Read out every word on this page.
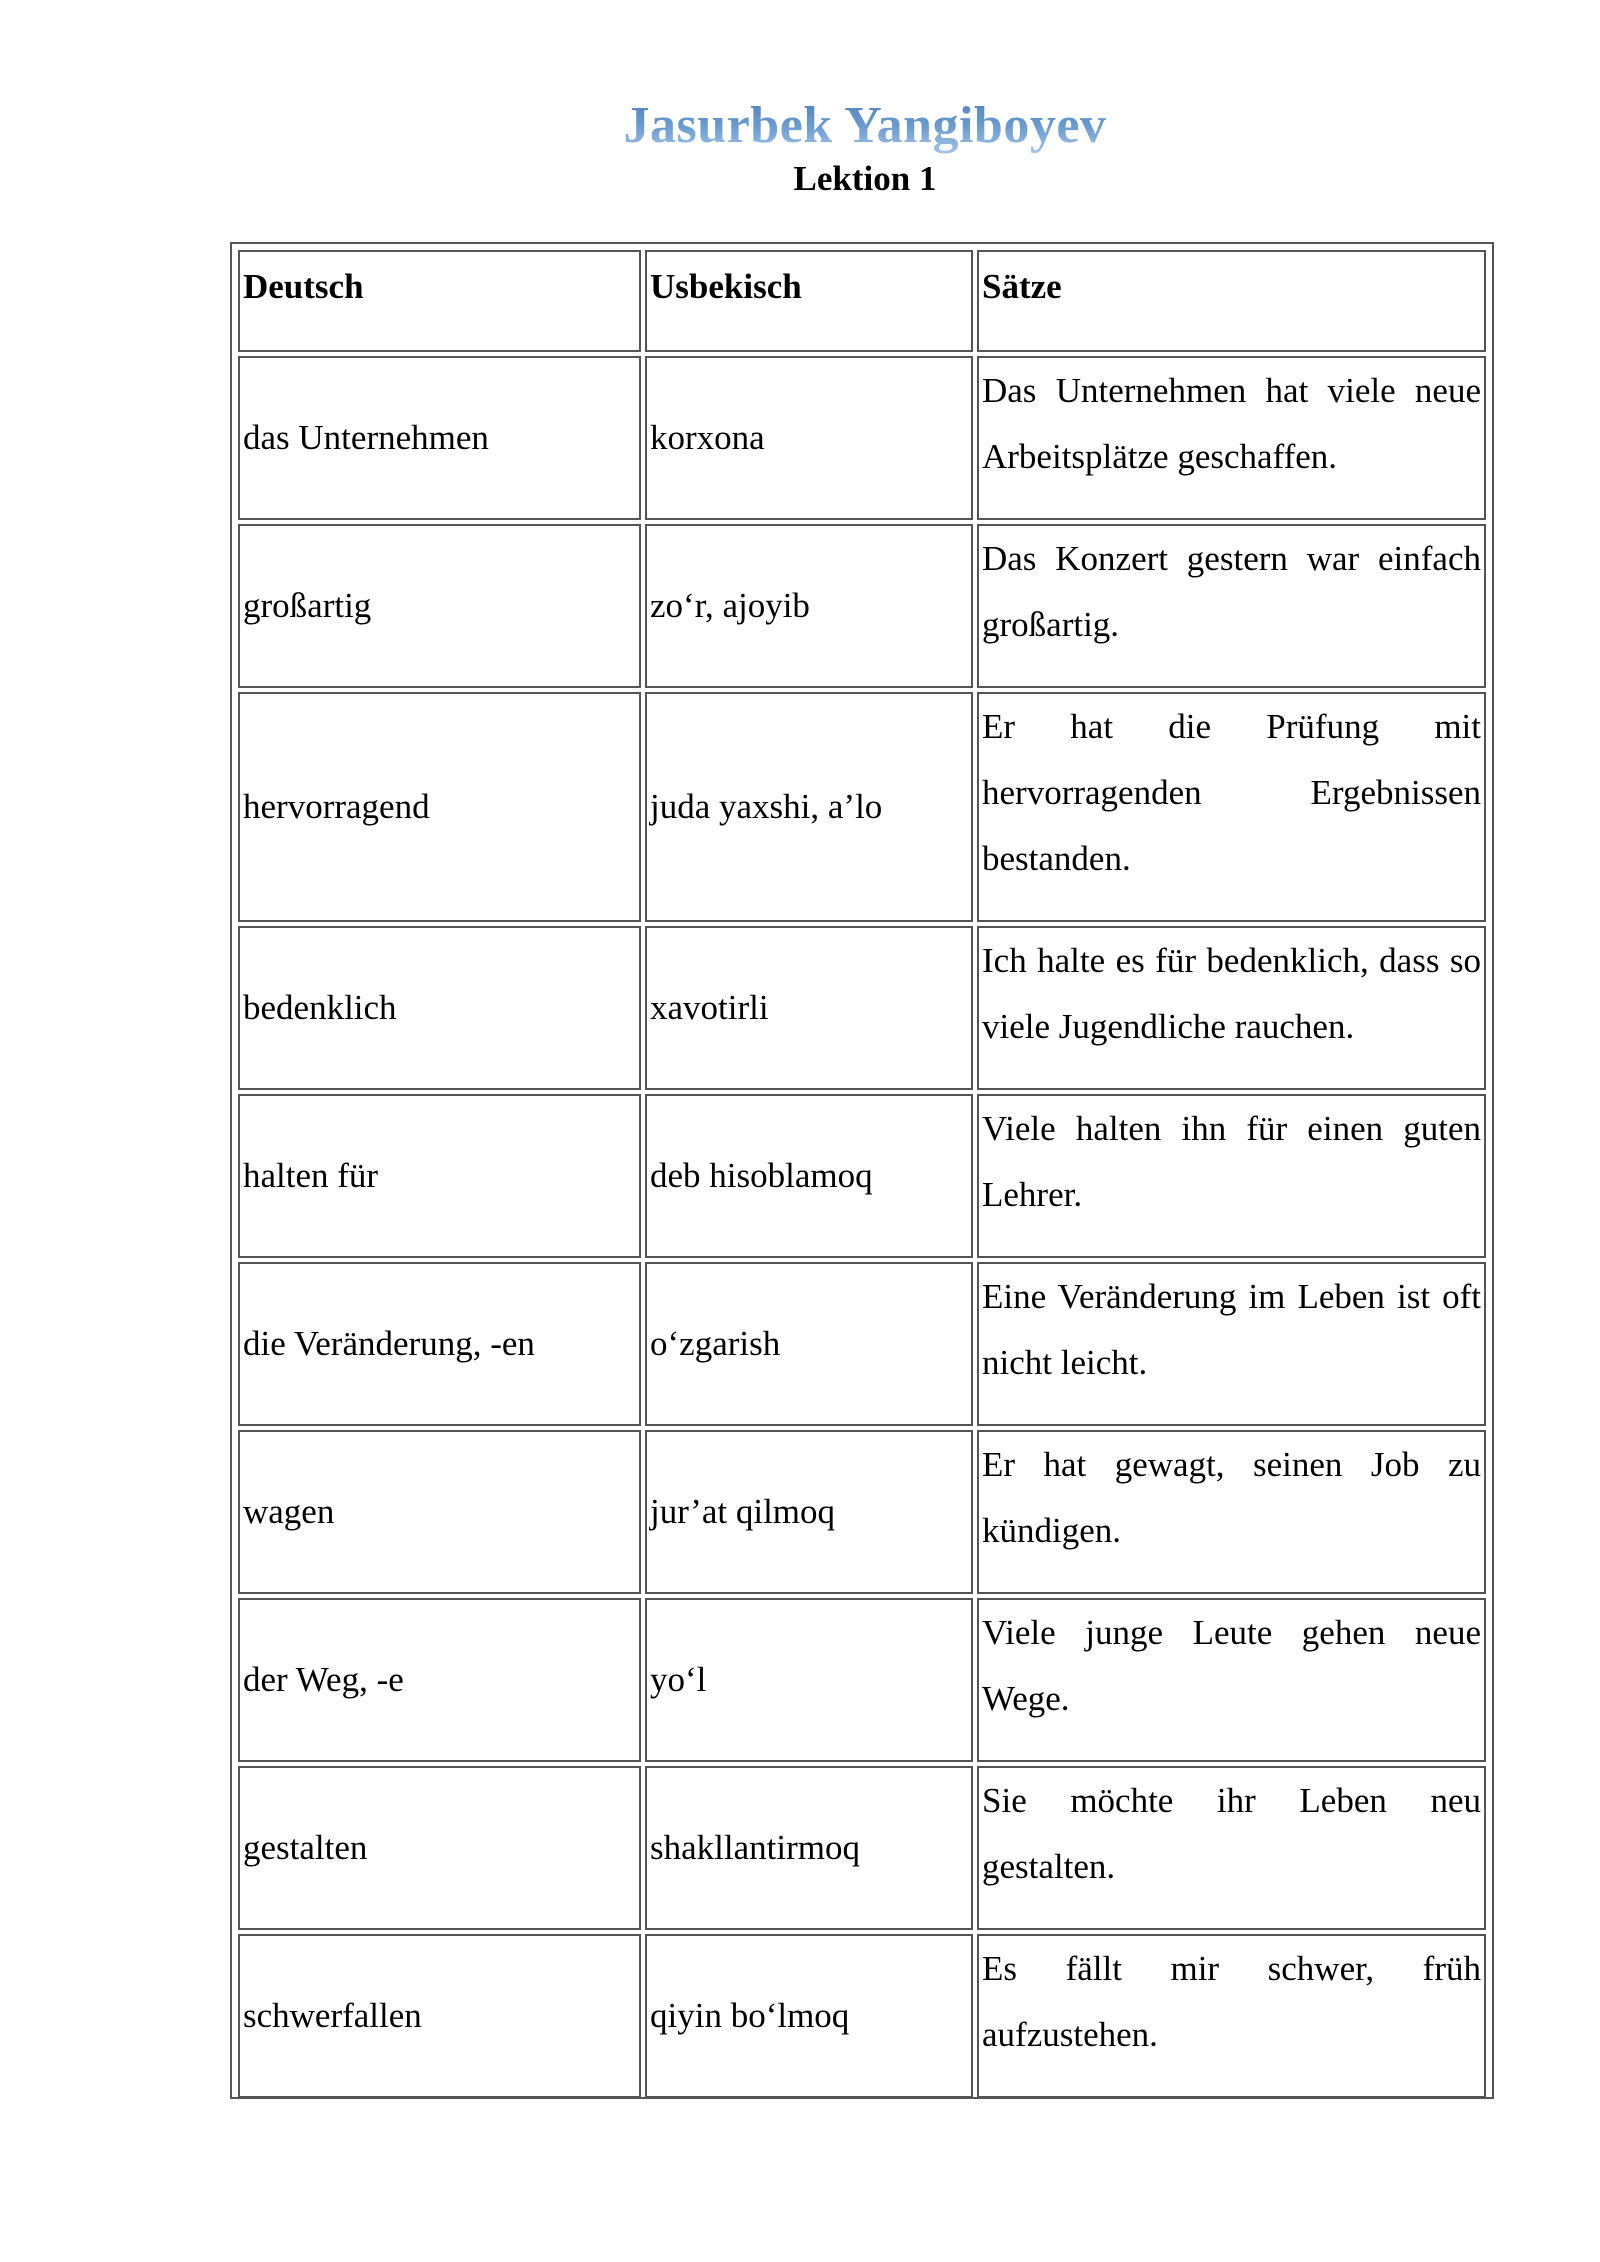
Jasurbek Yangiboyev
Lektion 1
Deutsch	Usbekisch	Sätze
das Unternehmen	korxona	Das Unternehmen hat viele neue Arbeitsplätze geschaffen.
großartig	zo‘r, ajoyib	Das Konzert gestern war einfach großartig.
hervorragend	juda yaxshi, a’lo	Er hat die Prüfung mit hervorragenden Ergebnissen bestanden.
bedenklich	xavotirli	Ich halte es für bedenklich, dass so viele Jugendliche rauchen.
halten für	deb hisoblamoq	Viele halten ihn für einen guten Lehrer.
die Veränderung, -en	o‘zgarish	Eine Veränderung im Leben ist oft nicht leicht.
wagen	jur’at qilmoq	Er hat gewagt, seinen Job zu kündigen.
der Weg, -e	yo‘l	Viele junge Leute gehen neue Wege.
gestalten	shakllantirmoq	Sie möchte ihr Leben neu gestalten.
schwerfallen	qiyin bo‘lmoq	Es fällt mir schwer, früh aufzustehen.
